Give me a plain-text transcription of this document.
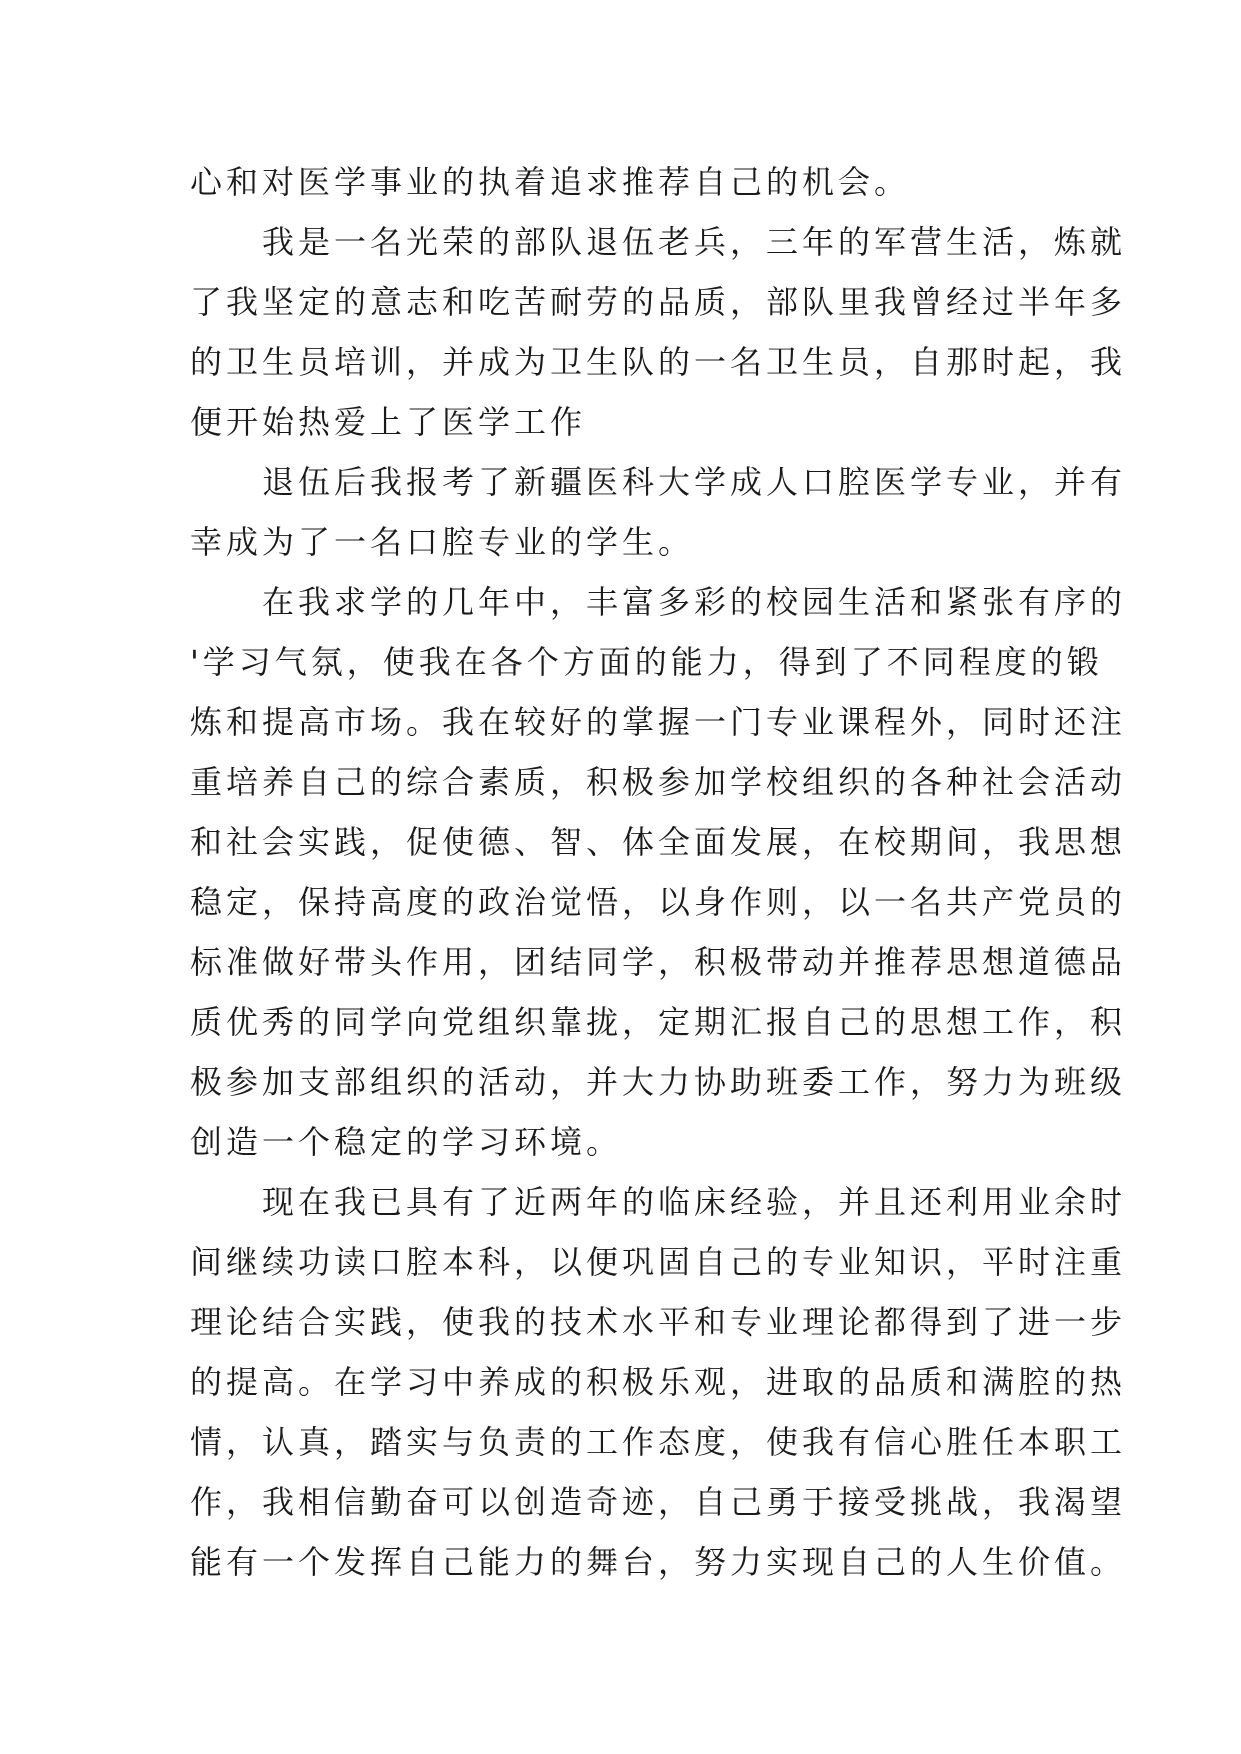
心和对医学事业的执着追求推荐自己的机会。
我是一名光荣的部队退伍老兵，三年的军营生活，炼就
了我坚定的意志和吃苦耐劳的品质，部队里我曾经过半年多
的卫生员培训，并成为卫生队的一名卫生员，自那时起，我
便开始热爱上了医学工作
退伍后我报考了新疆医科大学成人口腔医学专业，并有
幸成为了一名口腔专业的学生。
在我求学的几年中，丰富多彩的校园生活和紧张有序的
'学习气氛，使我在各个方面的能力，得到了不同程度的锻
炼和提高市场。我在较好的掌握一门专业课程外，同时还注
重培养自己的综合素质，积极参加学校组织的各种社会活动
和社会实践，促使德、智、体全面发展，在校期间，我思想
稳定，保持高度的政治觉悟，以身作则，以一名共产党员的
标准做好带头作用，团结同学，积极带动并推荐思想道德品
质优秀的同学向党组织靠拢，定期汇报自己的思想工作，积
极参加支部组织的活动，并大力协助班委工作，努力为班级
创造一个稳定的学习环境。
现在我已具有了近两年的临床经验，并且还利用业余时
间继续功读口腔本科，以便巩固自己的专业知识，平时注重
理论结合实践，使我的技术水平和专业理论都得到了进一步
的提高。在学习中养成的积极乐观，进取的品质和满腔的热
情，认真，踏实与负责的工作态度，使我有信心胜任本职工
作，我相信勤奋可以创造奇迹，自己勇于接受挑战，我渴望
能有一个发挥自己能力的舞台，努力实现自己的人生价值。
